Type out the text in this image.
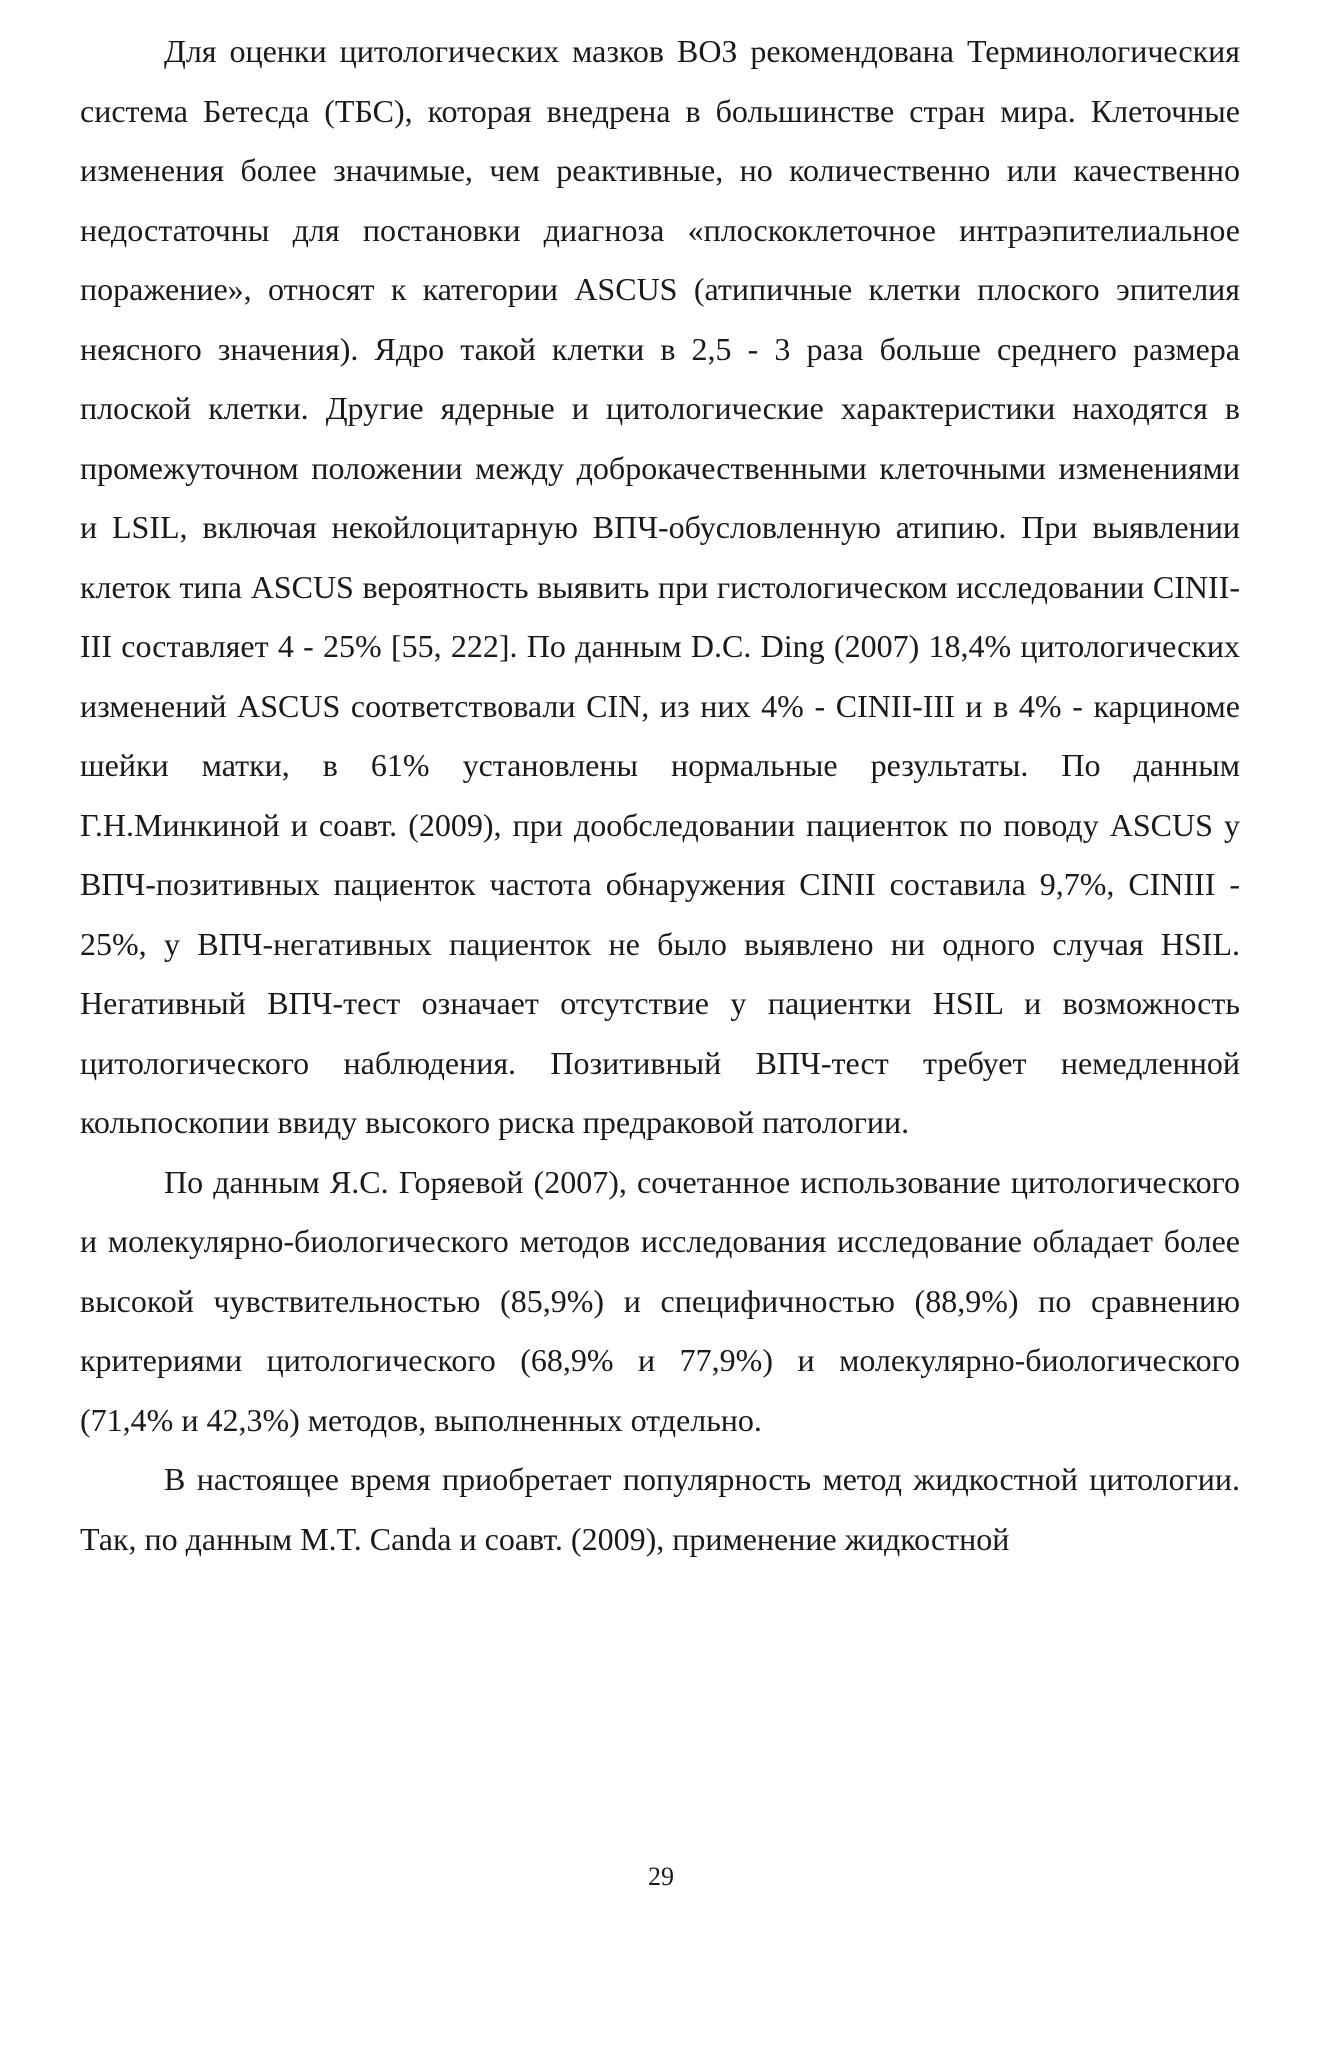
Для оценки цитологических мазков ВОЗ рекомендована Терминологическия система Бетесда (ТБС), которая внедрена в большинстве стран мира. Клеточные изменения более значимые, чем реактивные, но количественно или качественно недостаточны для постановки диагноза «плоскоклеточное интраэпителиальное поражение», относят к категории ASCUS (атипичные клетки плоского эпителия неясного значения). Ядро такой клетки в 2,5 - 3 раза больше среднего размера плоской клетки. Другие ядерные и цитологические характеристики находятся в промежуточном положении между доброкачественными клеточными изменениями и LSIL, включая некойлоцитарную ВПЧ-обусловленную атипию. При выявлении клеток типа ASCUS вероятность выявить при гистологическом исследовании CINII-III составляет 4 - 25% [55, 222]. По данным D.C. Ding (2007) 18,4% цитологических изменений ASCUS соответствовали CIN, из них 4% - CINII-III и в 4% - карциноме шейки матки, в 61% установлены нормальные результаты. По данным Г.Н.Минкиной и соавт. (2009), при дообследовании пациенток по поводу ASCUS у ВПЧ-позитивных пациенток частота обнаружения CINII составила 9,7%, CINIII - 25%, у ВПЧ-негативных пациенток не было выявлено ни одного случая HSIL. Негативный ВПЧ-тест означает отсутствие у пациентки HSIL и возможность цитологического наблюдения. Позитивный ВПЧ-тест требует немедленной кольпоскопии ввиду высокого риска предраковой патологии.

По данным Я.С. Горяевой (2007), сочетанное использование цитологического и молекулярно-биологического методов исследования исследование обладает более высокой чувствительностью (85,9%) и специфичностью (88,9%) по сравнению критериями цитологического (68,9% и 77,9%) и молекулярно-биологического (71,4% и 42,3%) методов, выполненных отдельно.

В настоящее время приобретает популярность метод жидкостной цитологии. Так, по данным M.T. Canda и соавт. (2009), применение жидкостной

29
